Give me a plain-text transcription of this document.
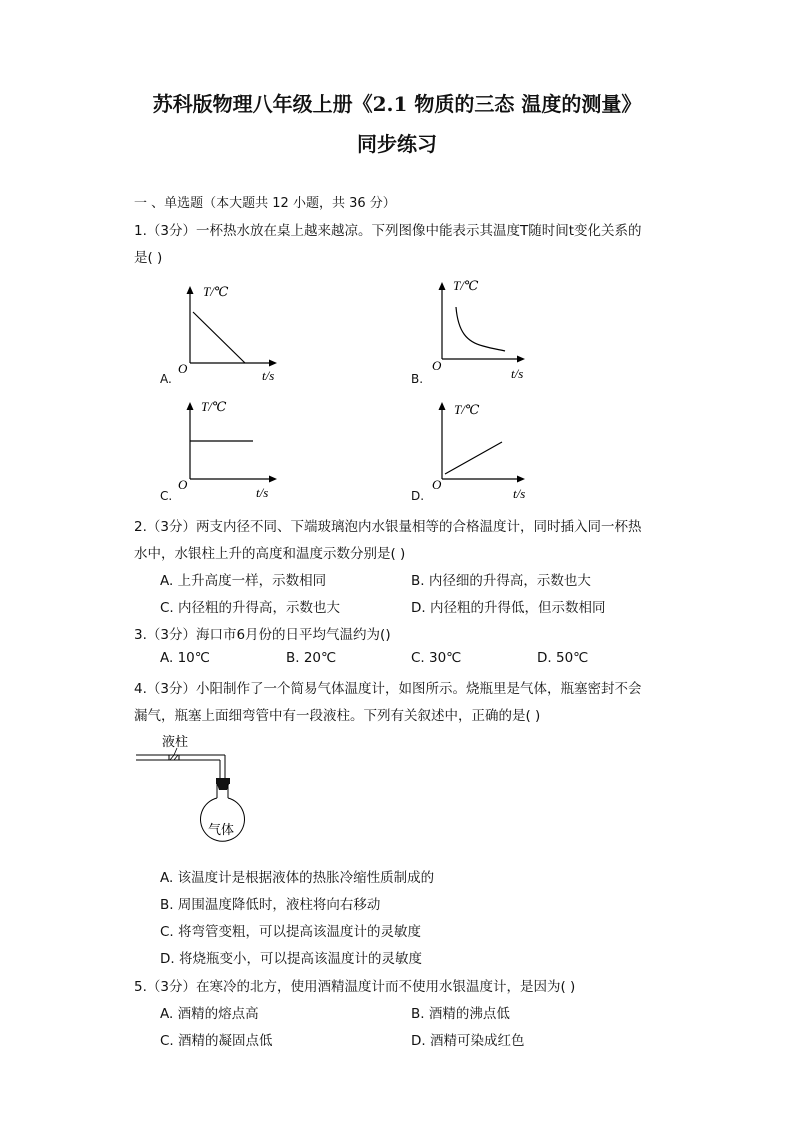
苏科版物理八年级上册《2.1 物质的三态 温度的测量》
同步练习
一 、单选题（本大题共 12 小题，共 36 分）
1.（3分）一杯热水放在桌上越来越凉。下列图像中能表示其温度T随时间t变化关系的
是( )
T/℃
O	t/s
A.
T/℃
O
t/s
B.
T/℃
O
t/s
C.
T/℃
O
t/s
D.
2.（3分）两支内径不同、下端玻璃泡内水银量相等的合格温度计，同时插入同一杯热
水中，水银柱上升的高度和温度示数分别是( )
A. 上升高度一样，示数相同	B. 内径细的升得高，示数也大
C. 内径粗的升得高，示数也大	D. 内径粗的升得低，但示数相同
3.（3分）海口市6月份的日平均气温约为()
A. 10℃	B. 20℃	C. 30℃	D. 50℃
4.（3分）小阳制作了一个简易气体温度计，如图所示。烧瓶里是气体，瓶塞密封不会
漏气，瓶塞上面细弯管中有一段液柱。下列有关叙述中，正确的是( )
液柱
气体
A. 该温度计是根据液体的热胀冷缩性质制成的
B. 周围温度降低时，液柱将向右移动
C. 将弯管变粗，可以提高该温度计的灵敏度
D. 将烧瓶变小，可以提高该温度计的灵敏度
5.（3分）在寒冷的北方，使用酒精温度计而不使用水银温度计，是因为( )
A. 酒精的熔点高	B. 酒精的沸点低
C. 酒精的凝固点低	D. 酒精可染成红色
